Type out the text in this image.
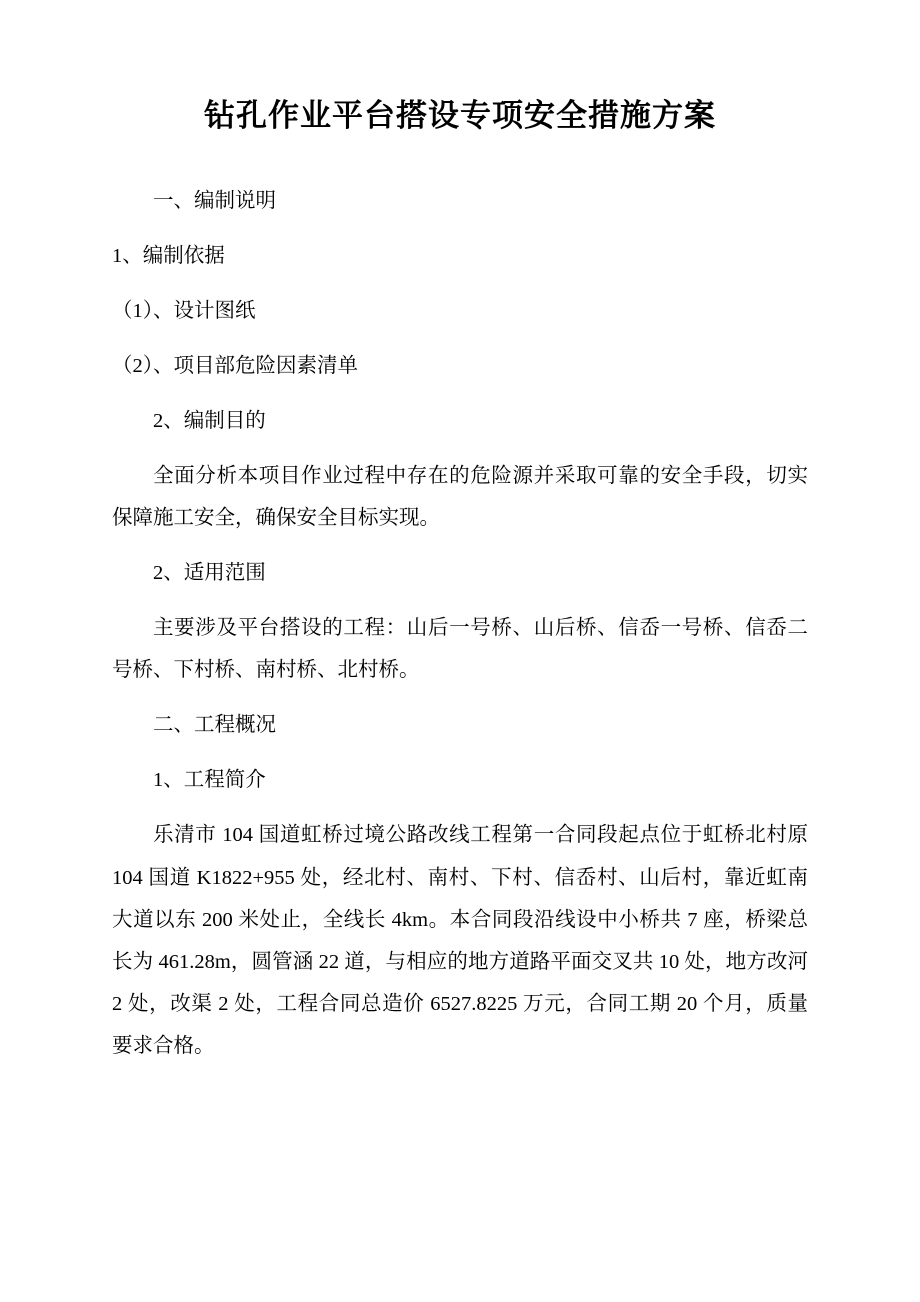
钻孔作业平台搭设专项安全措施方案

一、编制说明

1、编制依据

（1）、设计图纸

（2）、项目部危险因素清单

2、编制目的

全面分析本项目作业过程中存在的危险源并采取可靠的安全手段，切实保障施工安全，确保安全目标实现。

2、适用范围

主要涉及平台搭设的工程：山后一号桥、山后桥、信岙一号桥、信岙二号桥、下村桥、南村桥、北村桥。

二、工程概况

1、工程简介

乐清市 104 国道虹桥过境公路改线工程第一合同段起点位于虹桥北村原 104 国道 K1822+955 处，经北村、南村、下村、信岙村、山后村，靠近虹南大道以东 200 米处止，全线长 4km。本合同段沿线设中小桥共 7 座，桥梁总长为 461.28m，圆管涵 22 道，与相应的地方道路平面交叉共 10 处，地方改河 2 处，改渠 2 处，工程合同总造价 6527.8225 万元，合同工期 20 个月，质量要求合格。
